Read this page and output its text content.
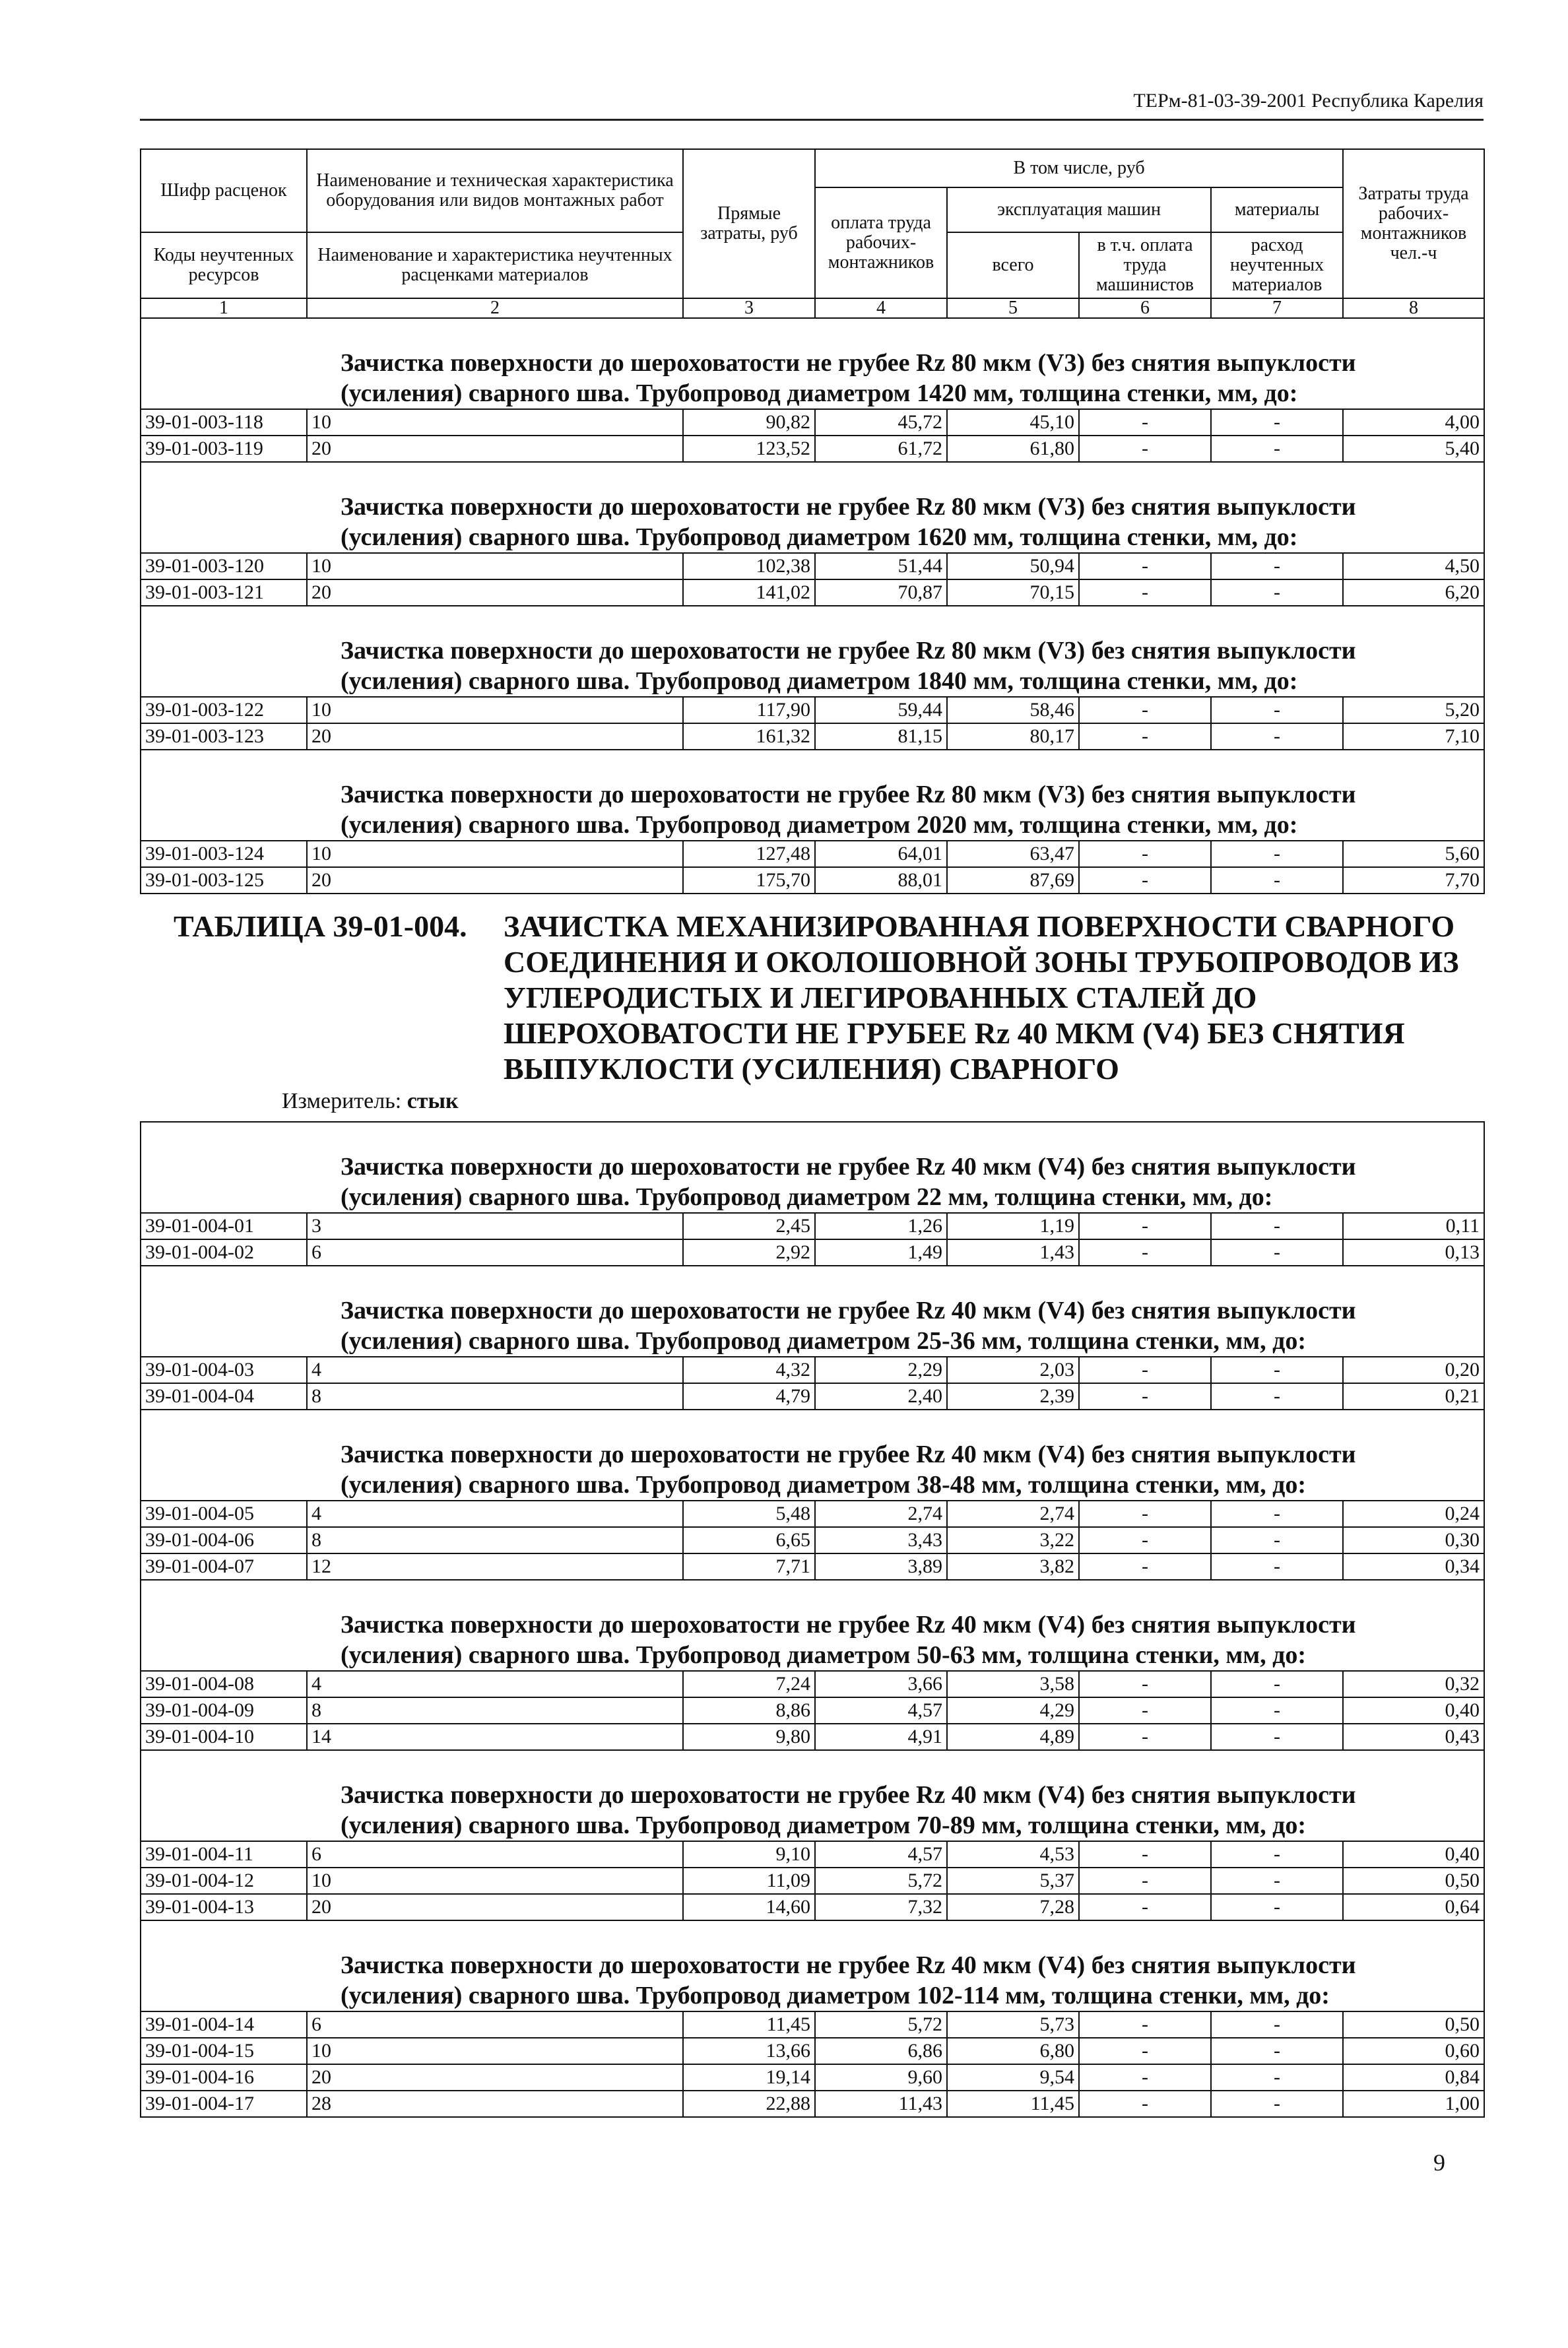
ТЕРм-81-03-39-2001 Республика Карелия
Шифр расценок	Наименование и техническая характеристика оборудования или видов монтажных работ	Прямые затраты, руб	В том числе, руб				Затраты труда рабочих-монтажников чел.-ч
			оплата труда рабочих-монтажников	эксплуатация машин		материалы	
Коды неучтенных ресурсов	Наименование и характеристика неучтенных расценками материалов			всего	в т.ч. оплата труда машинистов	расход неучтенных материалов	

1	2	3	4	5	6	7	8
Зачистка поверхности до шероховатости не грубее Rz 80 мкм (V3) без снятия выпуклости (усиления) сварного шва. Трубопровод диаметром 1420 мм, толщина стенки, мм, до:							
39-01-003-118	10	90,82	45,72	45,10	-	-	4,00
39-01-003-119	20	123,52	61,72	61,80	-	-	5,40
Зачистка поверхности до шероховатости не грубее Rz 80 мкм (V3) без снятия выпуклости (усиления) сварного шва. Трубопровод диаметром 1620 мм, толщина стенки, мм, до:							
39-01-003-120	10	102,38	51,44	50,94	-	-	4,50
39-01-003-121	20	141,02	70,87	70,15	-	-	6,20
Зачистка поверхности до шероховатости не грубее Rz 80 мкм (V3) без снятия выпуклости (усиления) сварного шва. Трубопровод диаметром 1840 мм, толщина стенки, мм, до:							
39-01-003-122	10	117,90	59,44	58,46	-	-	5,20
39-01-003-123	20	161,32	81,15	80,17	-	-	7,10
Зачистка поверхности до шероховатости не грубее Rz 80 мкм (V3) без снятия выпуклости (усиления) сварного шва. Трубопровод диаметром 2020 мм, толщина стенки, мм, до:							
39-01-003-124	10	127,48	64,01	63,47	-	-	5,60
39-01-003-125	20	175,70	88,01	87,69	-	-	7,70
ТАБЛИЦА 39-01-004. ЗАЧИСТКА МЕХАНИЗИРОВАННАЯ ПОВЕРХНОСТИ СВАРНОГО СОЕДИНЕНИЯ И ОКОЛОШОВНОЙ ЗОНЫ ТРУБОПРОВОДОВ ИЗ УГЛЕРОДИСТЫХ И ЛЕГИРОВАННЫХ СТАЛЕЙ ДО ШЕРОХОВАТОСТИ НЕ ГРУБЕЕ Rz 40 МКМ (V4) БЕЗ СНЯТИЯ ВЫПУКЛОСТИ (УСИЛЕНИЯ) СВАРНОГО
Измеритель: стык							

Зачистка поверхности до шероховатости не грубее Rz 40 мкм (V4) без снятия выпуклости (усиления) сварного шва. Трубопровод диаметром 22 мм, толщина стенки, мм, до:							
39-01-004-01	3	2,45	1,26	1,19	-	-	0,11
39-01-004-02	6	2,92	1,49	1,43	-	-	0,13
Зачистка поверхности до шероховатости не грубее Rz 40 мкм (V4) без снятия выпуклости (усиления) сварного шва. Трубопровод диаметром 25-36 мм, толщина стенки, мм, до:							
39-01-004-03	4	4,32	2,29	2,03	-	-	0,20
39-01-004-04	8	4,79	2,40	2,39	-	-	0,21
Зачистка поверхности до шероховатости не грубее Rz 40 мкм (V4) без снятия выпуклости (усиления) сварного шва. Трубопровод диаметром 38-48 мм, толщина стенки, мм, до:							
39-01-004-05	4	5,48	2,74	2,74	-	-	0,24
39-01-004-06	8	6,65	3,43	3,22	-	-	0,30
39-01-004-07	12	7,71	3,89	3,82	-	-	0,34
Зачистка поверхности до шероховатости не грубее Rz 40 мкм (V4) без снятия выпуклости (усиления) сварного шва. Трубопровод диаметром 50-63 мм, толщина стенки, мм, до:							
39-01-004-08	4	7,24	3,66	3,58	-	-	0,32
39-01-004-09	8	8,86	4,57	4,29	-	-	0,40
39-01-004-10	14	9,80	4,91	4,89	-	-	0,43
Зачистка поверхности до шероховатости не грубее Rz 40 мкм (V4) без снятия выпуклости (усиления) сварного шва. Трубопровод диаметром 70-89 мм, толщина стенки, мм, до:							
39-01-004-11	6	9,10	4,57	4,53	-	-	0,40
39-01-004-12	10	11,09	5,72	5,37	-	-	0,50
39-01-004-13	20	14,60	7,32	7,28	-	-	0,64
Зачистка поверхности до шероховатости не грубее Rz 40 мкм (V4) без снятия выпуклости (усиления) сварного шва. Трубопровод диаметром 102-114 мм, толщина стенки, мм, до:							
39-01-004-14	6	11,45	5,72	5,73	-	-	0,50
39-01-004-15	10	13,66	6,86	6,80	-	-	0,60
39-01-004-16	20	19,14	9,60	9,54	-	-	0,84
39-01-004-17	28	22,88	11,43	11,45	-	-	1,00
9
